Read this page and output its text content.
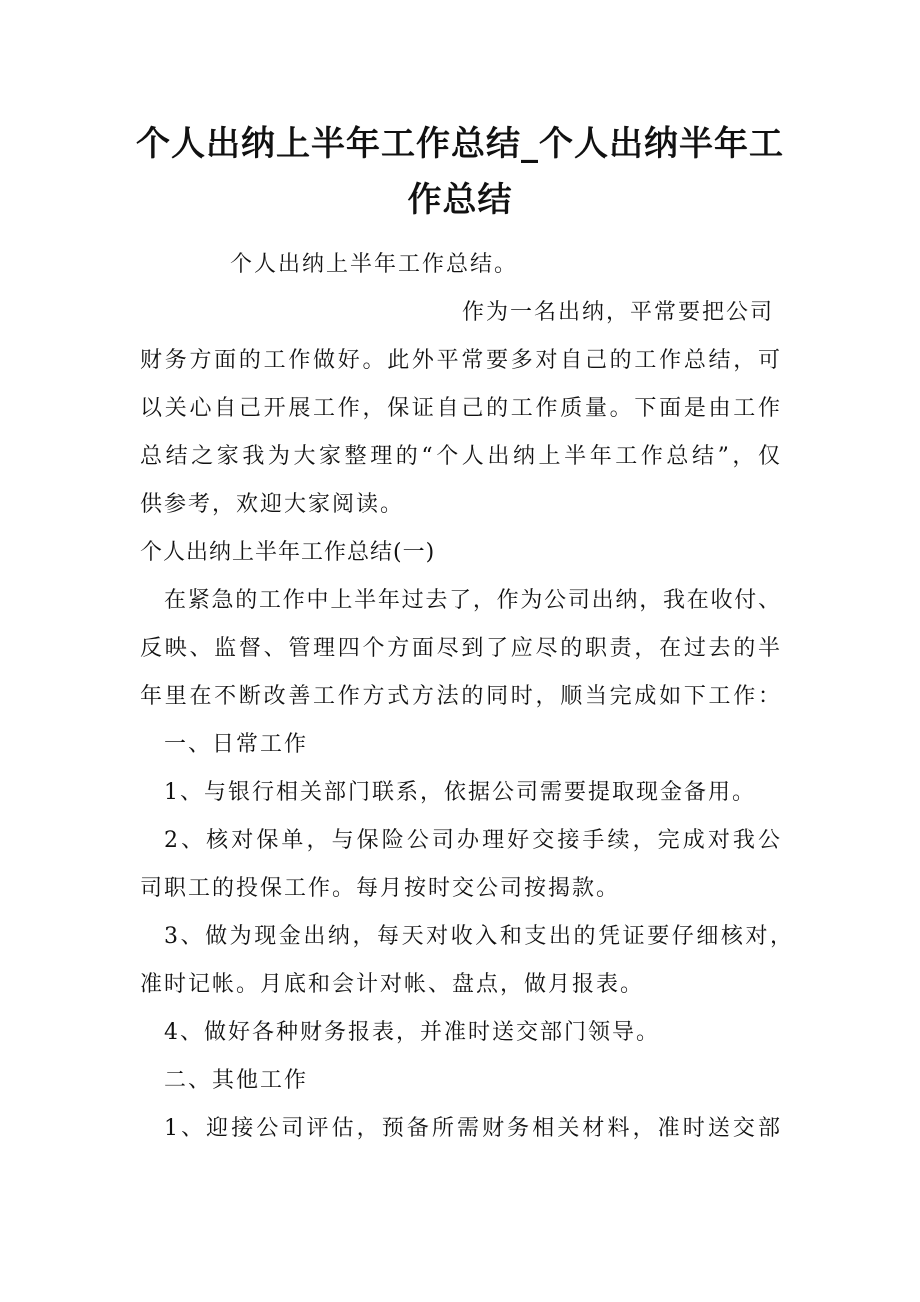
个人出纳上半年工作总结_个人出纳半年工
作总结
个人出纳上半年工作总结。
作为一名出纳，平常要把公司
财务方面的工作做好。此外平常要多对自己的工作总结，可
以关心自己开展工作，保证自己的工作质量。下面是由工作
总结之家我为大家整理的“个人出纳上半年工作总结”，仅
供参考，欢迎大家阅读。
个人出纳上半年工作总结(一)
在紧急的工作中上半年过去了，作为公司出纳，我在收付、
反映、监督、管理四个方面尽到了应尽的职责，在过去的半
年里在不断改善工作方式方法的同时，顺当完成如下工作：
一、日常工作
1、与银行相关部门联系，依据公司需要提取现金备用。
2、核对保单，与保险公司办理好交接手续，完成对我公
司职工的投保工作。每月按时交公司按揭款。
3、做为现金出纳，每天对收入和支出的凭证要仔细核对，
准时记帐。月底和会计对帐、盘点，做月报表。
4、做好各种财务报表，并准时送交部门领导。
二、其他工作
1、迎接公司评估，预备所需财务相关材料，准时送交部
